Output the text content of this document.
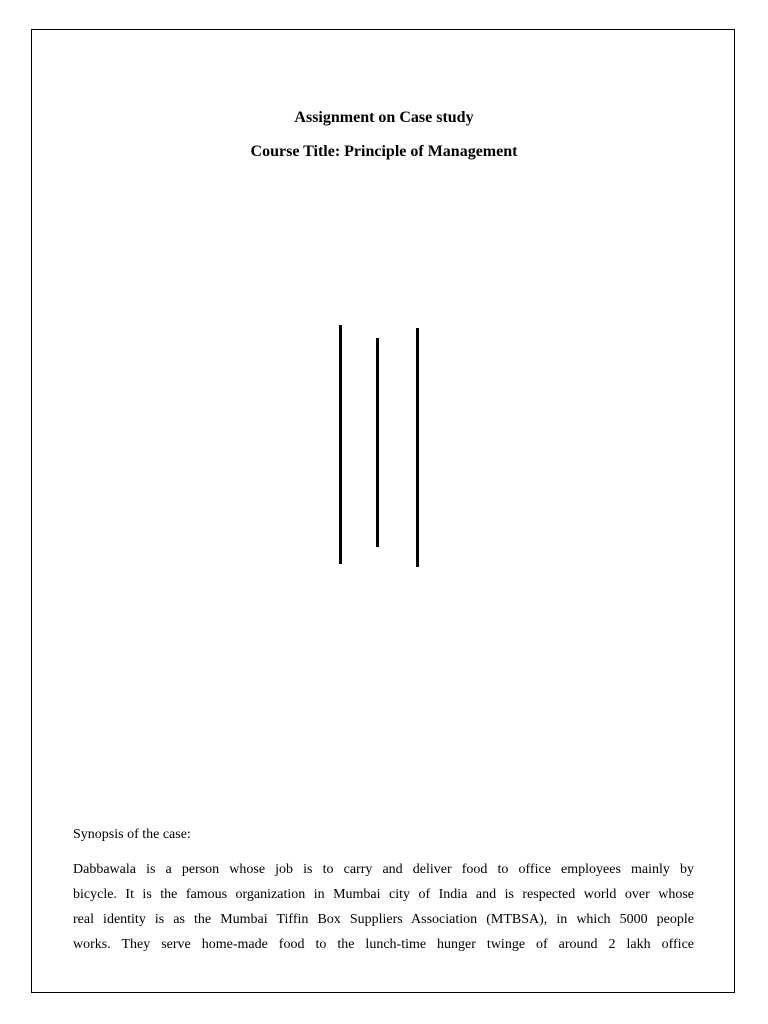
Assignment on Case study
Course Title: Principle of Management
Synopsis of the case:
Dabbawala is a person whose job is to carry and deliver food to office employees mainly by
bicycle. It is the famous organization in Mumbai city of India and is respected world over whose
real identity is as the Mumbai Tiffin Box Suppliers Association (MTBSA), in which 5000 people
works. They serve home-made food to the lunch-time hunger twinge of around 2 lakh office
